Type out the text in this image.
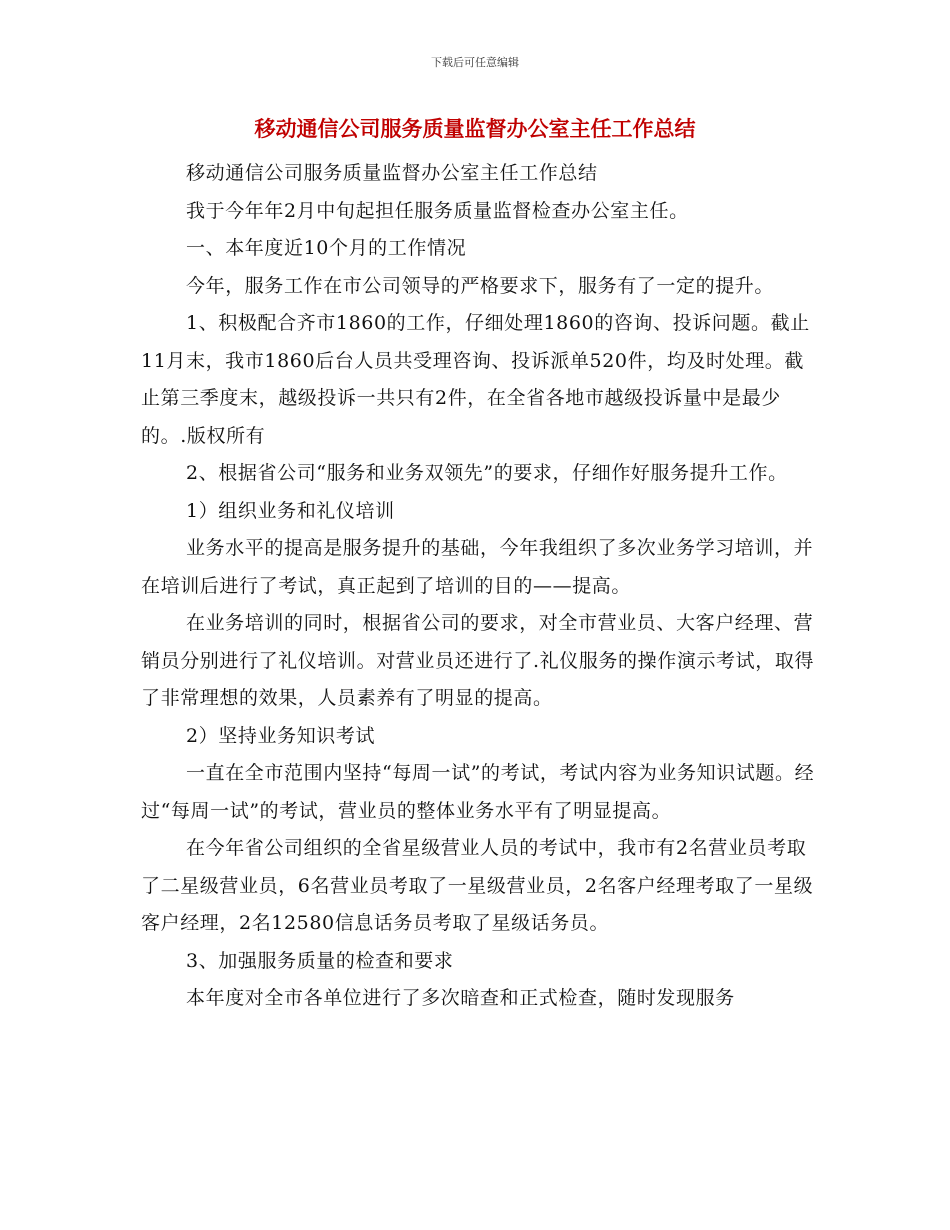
下载后可任意编辑
移动通信公司服务质量监督办公室主任工作总结

移动通信公司服务质量监督办公室主任工作总结

我于今年年2月中旬起担任服务质量监督检查办公室主任。

一、本年度近10个月的工作情况

今年，服务工作在市公司领导的严格要求下，服务有了一定的提升。

1、积极配合齐市1860的工作，仔细处理1860的咨询、投诉问题。截止11月末，我市1860后台人员共受理咨询、投诉派单520件，均及时处理。截止第三季度末，越级投诉一共只有2件，在全省各地市越级投诉量中是最少的。.版权所有

2、根据省公司“服务和业务双领先”的要求，仔细作好服务提升工作。

1）组织业务和礼仪培训

业务水平的提高是服务提升的基础，今年我组织了多次业务学习培训，并在培训后进行了考试，真正起到了培训的目的——提高。

在业务培训的同时，根据省公司的要求，对全市营业员、大客户经理、营销员分别进行了礼仪培训。对营业员还进行了.礼仪服务的操作演示考试，取得了非常理想的效果，人员素养有了明显的提高。

2）坚持业务知识考试

一直在全市范围内坚持“每周一试”的考试，考试内容为业务知识试题。经过“每周一试”的考试，营业员的整体业务水平有了明显提高。

在今年省公司组织的全省星级营业人员的考试中，我市有2名营业员考取了二星级营业员，6名营业员考取了一星级营业员，2名客户经理考取了一星级客户经理，2名12580信息话务员考取了星级话务员。

3、加强服务质量的检查和要求

本年度对全市各单位进行了多次暗查和正式检查，随时发现服务
